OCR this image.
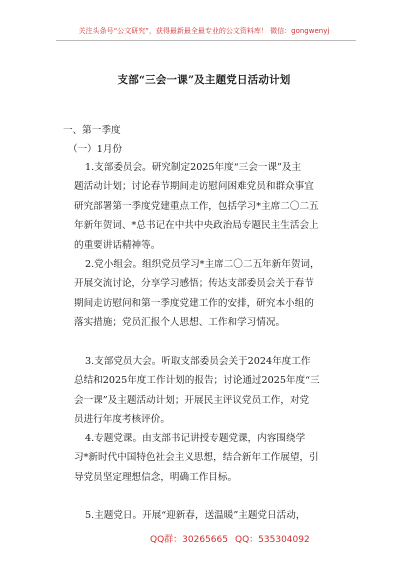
关注头条号“公文研究”，获得最新最全最专业的公文资料库！ 微信：gongwenyj
支部“三会一课”及主题党日活动计划
一、第一季度
（一）1月份
1.支部委员会。研究制定2025年度“三会一课”及主
题活动计划；讨论春节期间走访慰问困难党员和群众事宜
研究部署第一季度党建重点工作，包括学习*主席二〇二五
年新年贺词、*总书记在中共中央政治局专题民主生活会上
的重要讲话精神等。
2.党小组会。组织党员学习*主席二〇二五年新年贺词，
开展交流讨论，分享学习感悟；传达支部委员会关于春节
期间走访慰问和第一季度党建工作的安排，研究本小组的
落实措施；党员汇报个人思想、工作和学习情况。
3.支部党员大会。听取支部委员会关于2024年度工作
总结和2025年度工作计划的报告；讨论通过2025年度“三
会一课”及主题活动计划；开展民主评议党员工作，对党
员进行年度考核评价。
4.专题党课。由支部书记讲授专题党课，内容围绕学
习*新时代中国特色社会主义思想，结合新年工作展望，引
导党员坚定理想信念，明确工作目标。
5.主题党日。开展“迎新春，送温暖”主题党日活动，
QQ群：30265665 QQ：535304092
